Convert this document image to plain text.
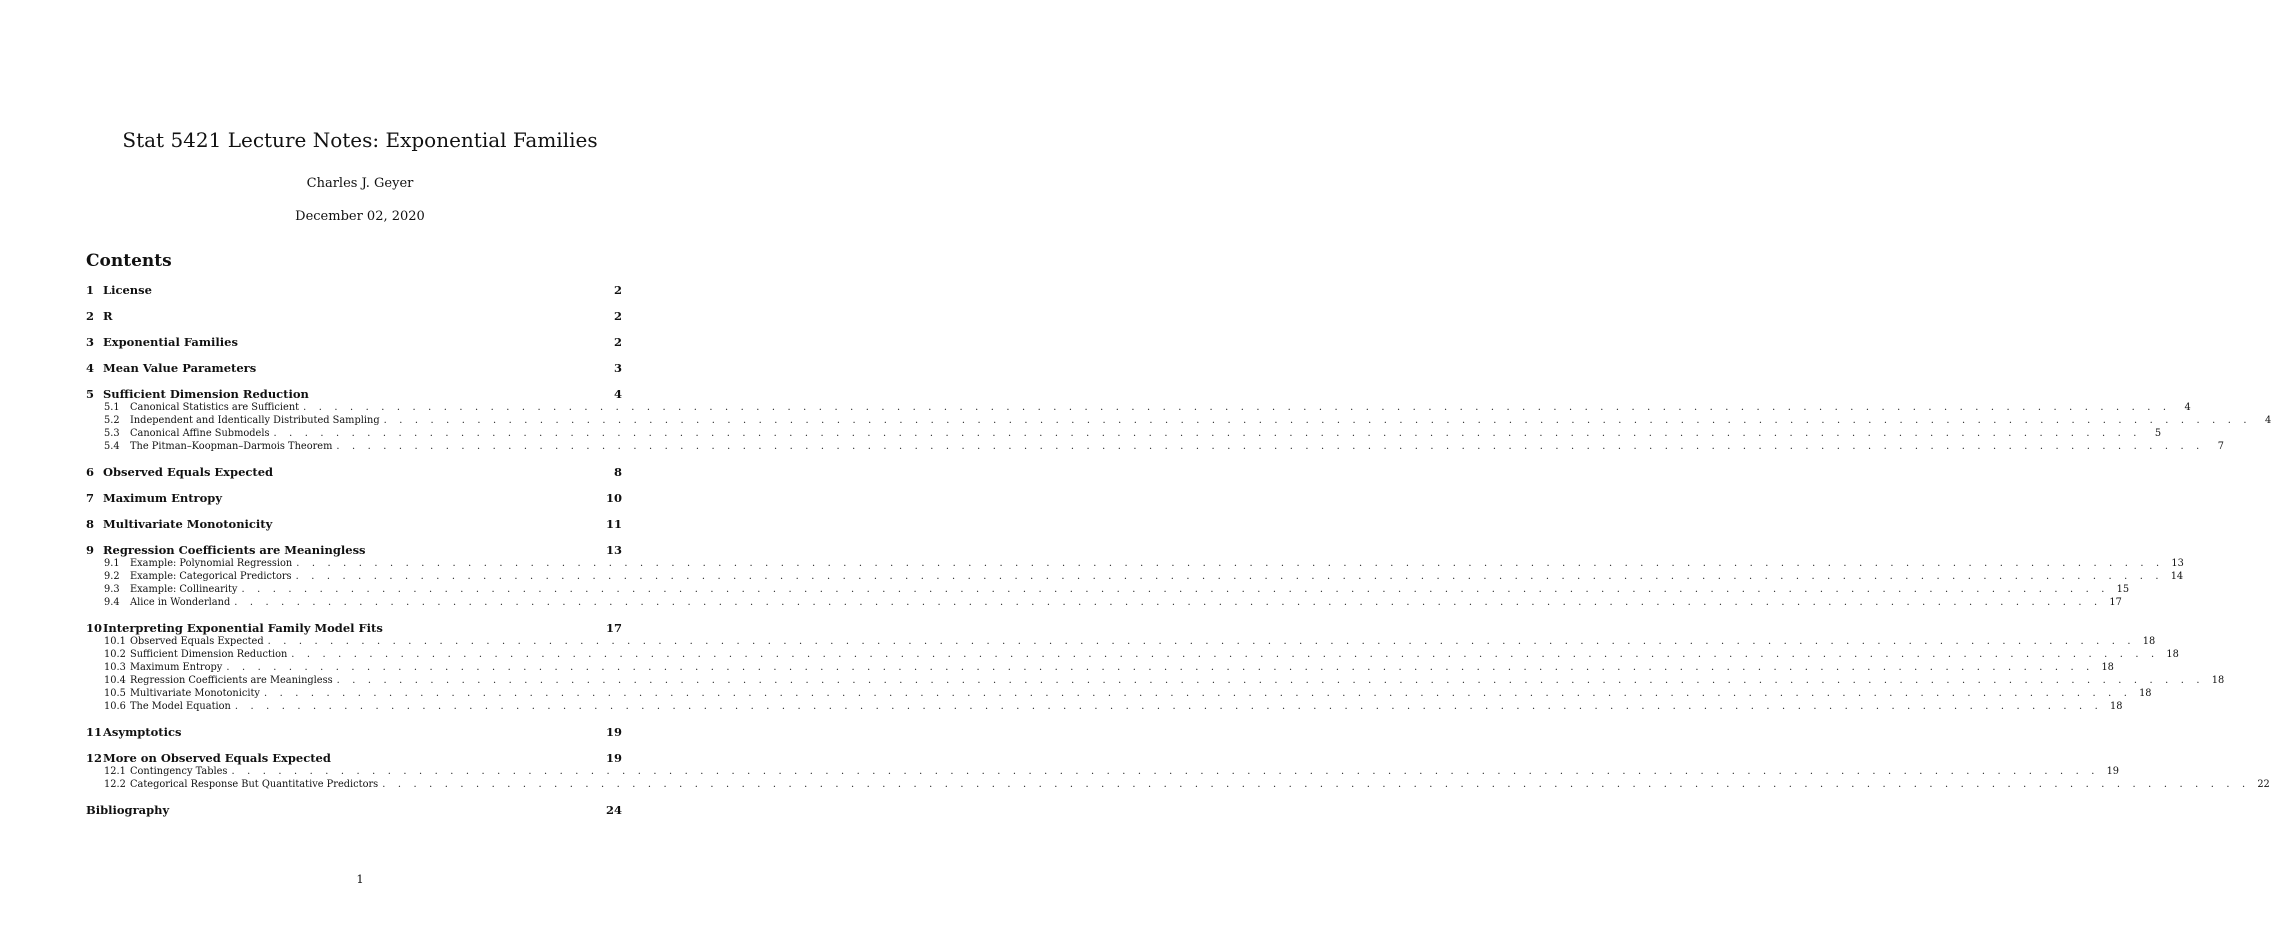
Stat 5421 Lecture Notes: Exponential Families
Charles J. Geyer
December 02, 2020
Contents
1 License	2
2 R	2
3 Exponential Families	2
4 Mean Value Parameters	3
5 Sufficient Dimension Reduction	4
5.1	Canonical Statistics are Sufficient . . . . . . . . . . . . . . . . . . . . . . . . . . . . . . . . . . . . . . . . . . . . . . . . . . . . . . . . . . . . . . . . . . . . . . . . . . . . . . . . . . . . . . . . . . . . . . . . . . . . . . . . . . . . . . . . . . . . . . . .	4
5.2	Independent and Identically Distributed Sampling . . . . . . . . . . . . . . . . . . . . . . . . . . . . . . . . . . . . . . . . . . . . . . . . . . . . . . . . . . . . . . . . . . . . . . . . . . . . . . . . . . . . . . . . . . . . . . . . . . . . . . . . . . . . . . . . . . . . . . . .	4
5.3	Canonical Affine Submodels . . . . . . . . . . . . . . . . . . . . . . . . . . . . . . . . . . . . . . . . . . . . . . . . . . . . . . . . . . . . . . . . . . . . . . . . . . . . . . . . . . . . . . . . . . . . . . . . . . . . . . . . . . . . . . . . . . . . . . . .	5
5.4	The Pitman–Koopman–Darmois Theorem . . . . . . . . . . . . . . . . . . . . . . . . . . . . . . . . . . . . . . . . . . . . . . . . . . . . . . . . . . . . . . . . . . . . . . . . . . . . . . . . . . . . . . . . . . . . . . . . . . . . . . . . . . . . . . . . . . . . . . . .	7
6 Observed Equals Expected	8
7 Maximum Entropy	10
8 Multivariate Monotonicity	11
9 Regression Coefficients are Meaningless	13
9.1	Example: Polynomial Regression . . . . . . . . . . . . . . . . . . . . . . . . . . . . . . . . . . . . . . . . . . . . . . . . . . . . . . . . . . . . . . . . . . . . . . . . . . . . . . . . . . . . . . . . . . . . . . . . . . . . . . . . . . . . . . . . . . . . . . . . 13
9.2	Example: Categorical Predictors . . . . . . . . . . . . . . . . . . . . . . . . . . . . . . . . . . . . . . . . . . . . . . . . . . . . . . . . . . . . . . . . . . . . . . . . . . . . . . . . . . . . . . . . . . . . . . . . . . . . . . . . . . . . . . . . . . . . . . . . 14
9.3	Example: Collinearity . . . . . . . . . . . . . . . . . . . . . . . . . . . . . . . . . . . . . . . . . . . . . . . . . . . . . . . . . . . . . . . . . . . . . . . . . . . . . . . . . . . . . . . . . . . . . . . . . . . . . . . . . . . . . . . . . . . . . . . . 15
9.4	Alice in Wonderland . . . . . . . . . . . . . . . . . . . . . . . . . . . . . . . . . . . . . . . . . . . . . . . . . . . . . . . . . . . . . . . . . . . . . . . . . . . . . . . . . . . . . . . . . . . . . . . . . . . . . . . . . . . . . . . . . . . . . . . . 17
10 Interpreting Exponential Family Model Fits	17
10.1 Observed Equals Expected . . . . . . . . . . . . . . . . . . . . . . . . . . . . . . . . . . . . . . . . . . . . . . . . . . . . . . . . . . . . . . . . . . . . . . . . . . . . . . . . . . . . . . . . . . . . . . . . . . . . . . . . . . . . . . . . . . . . . . . . 18
10.2 Sufficient Dimension Reduction . . . . . . . . . . . . . . . . . . . . . . . . . . . . . . . . . . . . . . . . . . . . . . . . . . . . . . . . . . . . . . . . . . . . . . . . . . . . . . . . . . . . . . . . . . . . . . . . . . . . . . . . . . . . . . . . . . . . . . . . 18
10.3 Maximum Entropy . . . . . . . . . . . . . . . . . . . . . . . . . . . . . . . . . . . . . . . . . . . . . . . . . . . . . . . . . . . . . . . . . . . . . . . . . . . . . . . . . . . . . . . . . . . . . . . . . . . . . . . . . . . . . . . . . . . . . . . . 18
10.4 Regression Coefficients are Meaningless . . . . . . . . . . . . . . . . . . . . . . . . . . . . . . . . . . . . . . . . . . . . . . . . . . . . . . . . . . . . . . . . . . . . . . . . . . . . . . . . . . . . . . . . . . . . . . . . . . . . . . . . . . . . . . . . . . . . . . . . 18
10.5 Multivariate Monotonicity . . . . . . . . . . . . . . . . . . . . . . . . . . . . . . . . . . . . . . . . . . . . . . . . . . . . . . . . . . . . . . . . . . . . . . . . . . . . . . . . . . . . . . . . . . . . . . . . . . . . . . . . . . . . . . . . . . . . . . . . 18
10.6 The Model Equation . . . . . . . . . . . . . . . . . . . . . . . . . . . . . . . . . . . . . . . . . . . . . . . . . . . . . . . . . . . . . . . . . . . . . . . . . . . . . . . . . . . . . . . . . . . . . . . . . . . . . . . . . . . . . . . . . . . . . . . . 18
11 Asymptotics	19
12 More on Observed Equals Expected	19
12.1 Contingency Tables . . . . . . . . . . . . . . . . . . . . . . . . . . . . . . . . . . . . . . . . . . . . . . . . . . . . . . . . . . . . . . . . . . . . . . . . . . . . . . . . . . . . . . . . . . . . . . . . . . . . . . . . . . . . . . . . . . . . . . . . 19
12.2 Categorical Response But Quantitative Predictors . . . . . . . . . . . . . . . . . . . . . . . . . . . . . . . . . . . . . . . . . . . . . . . . . . . . . . . . . . . . . . . . . . . . . . . . . . . . . . . . . . . . . . . . . . . . . . . . . . . . . . . . . . . . . . . . . . . . . . . . 22
Bibliography	24
1
